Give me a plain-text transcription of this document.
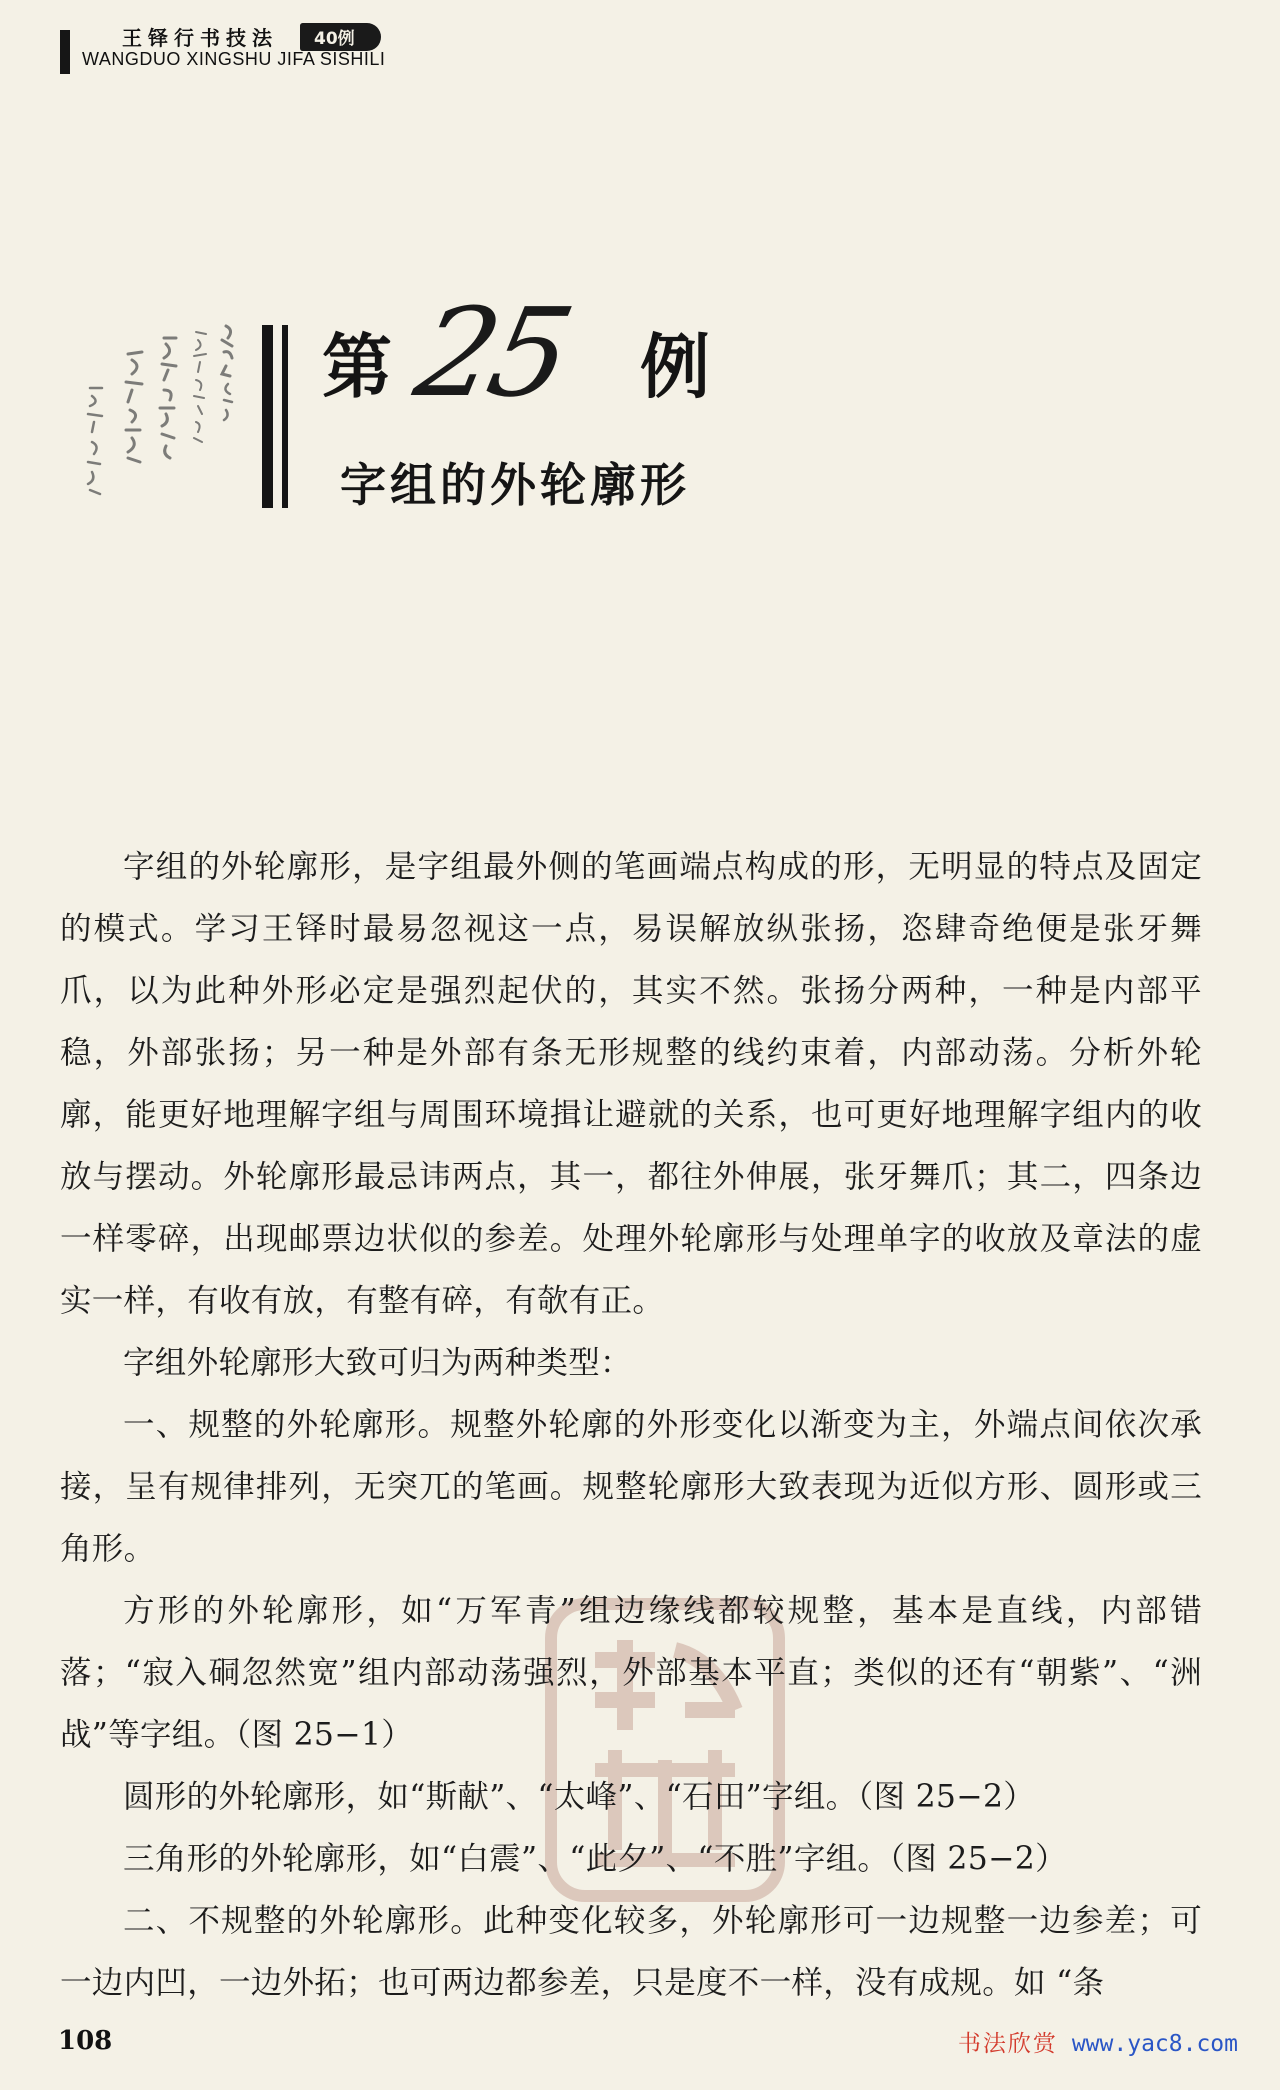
王铎行书技法	40例
WANGDUO XINGSHU JIFA SISHILI
第 25 例
字组的外轮廓形

字组的外轮廓形，是字组最外侧的笔画端点构成的形，无明显的特点及固定的模式。学习王铎时最易忽视这一点，易误解放纵张扬，恣肆奇绝便是张牙舞爪，以为此种外形必定是强烈起伏的，其实不然。张扬分两种，一种是内部平稳，外部张扬；另一种是外部有条无形规整的线约束着，内部动荡。分析外轮廓，能更好地理解字组与周围环境揖让避就的关系，也可更好地理解字组内的收放与摆动。外轮廓形最忌讳两点，其一，都往外伸展，张牙舞爪；其二，四条边一样零碎，出现邮票边状似的参差。处理外轮廓形与处理单字的收放及章法的虚实一样，有收有放，有整有碎，有欹有正。

字组外轮廓形大致可归为两种类型：

一、规整的外轮廓形。规整外轮廓的外形变化以渐变为主，外端点间依次承接，呈有规律排列，无突兀的笔画。规整轮廓形大致表现为近似方形、圆形或三角形。

方形的外轮廓形，如“万军青”组边缘线都较规整，基本是直线，内部错落；“寂入硐忽然宽”组内部动荡强烈，外部基本平直；类似的还有“朝紫”、“洲战”等字组。（图 25−1）

圆形的外轮廓形，如“斯献”、“太峰”、“石田”字组。（图 25−2）

三角形的外轮廓形，如“白震”、“此夕”、“不胜”字组。（图 25−2）

二、不规整的外轮廓形。此种变化较多，外轮廓形可一边规整一边参差；可一边内凹，一边外拓；也可两边都参差，只是度不一样，没有成规。如 “条

108	书法欣赏 www.yac8.com
